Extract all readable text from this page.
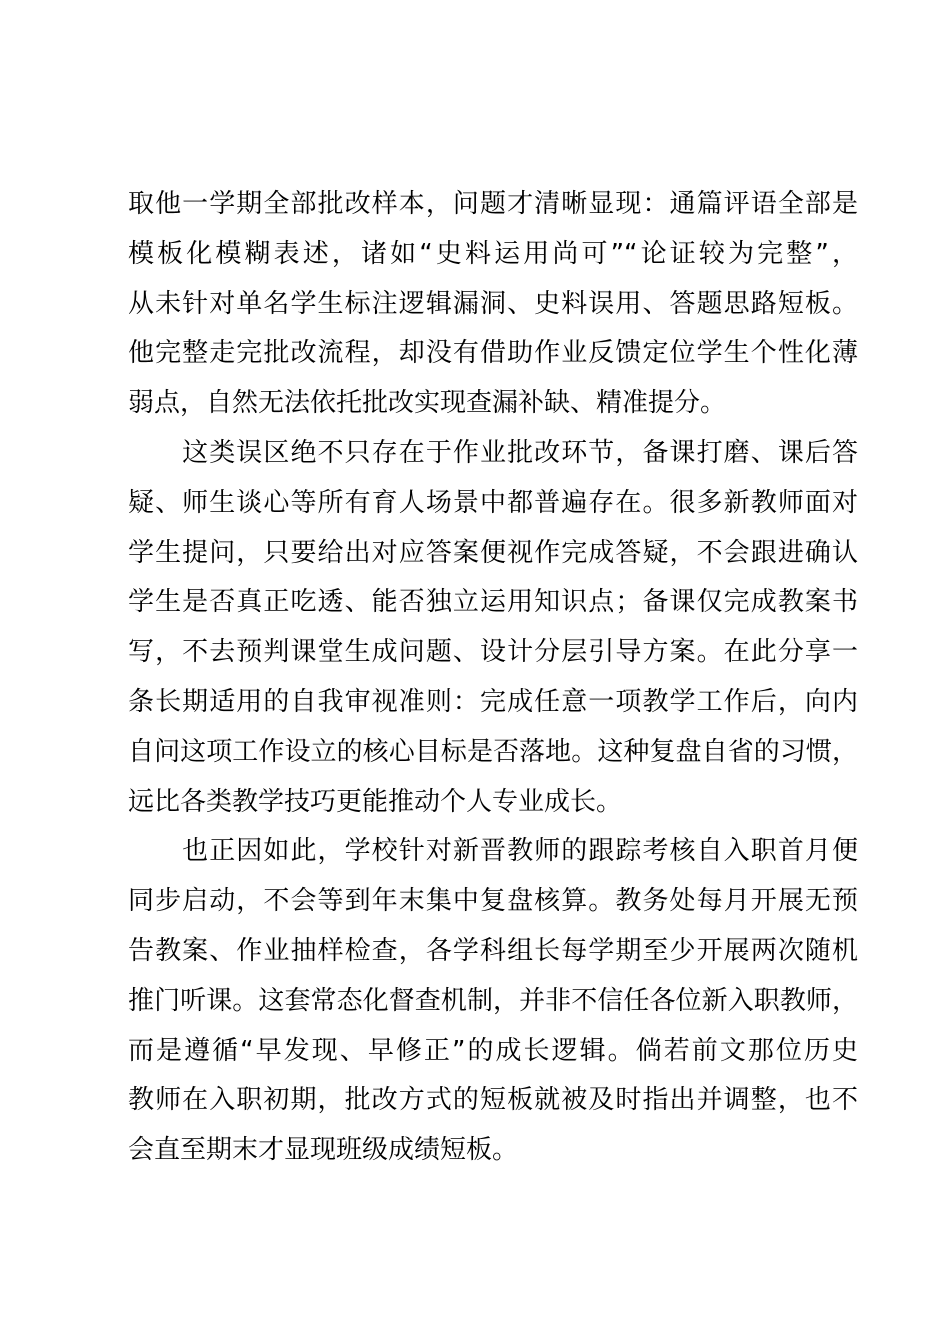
取他一学期全部批改样本，问题才清晰显现：通篇评语全部是
模板化模糊表述，诸如“史料运用尚可”“论证较为完整”，
从未针对单名学生标注逻辑漏洞、史料误用、答题思路短板。
他完整走完批改流程，却没有借助作业反馈定位学生个性化薄
弱点，自然无法依托批改实现查漏补缺、精准提分。
　　这类误区绝不只存在于作业批改环节，备课打磨、课后答
疑、师生谈心等所有育人场景中都普遍存在。很多新教师面对
学生提问，只要给出对应答案便视作完成答疑，不会跟进确认
学生是否真正吃透、能否独立运用知识点；备课仅完成教案书
写，不去预判课堂生成问题、设计分层引导方案。在此分享一
条长期适用的自我审视准则：完成任意一项教学工作后，向内
自问这项工作设立的核心目标是否落地。这种复盘自省的习惯，
远比各类教学技巧更能推动个人专业成长。
　　也正因如此，学校针对新晋教师的跟踪考核自入职首月便
同步启动，不会等到年末集中复盘核算。教务处每月开展无预
告教案、作业抽样检查，各学科组长每学期至少开展两次随机
推门听课。这套常态化督查机制，并非不信任各位新入职教师，
而是遵循“早发现、早修正”的成长逻辑。倘若前文那位历史
教师在入职初期，批改方式的短板就被及时指出并调整，也不
会直至期末才显现班级成绩短板。
